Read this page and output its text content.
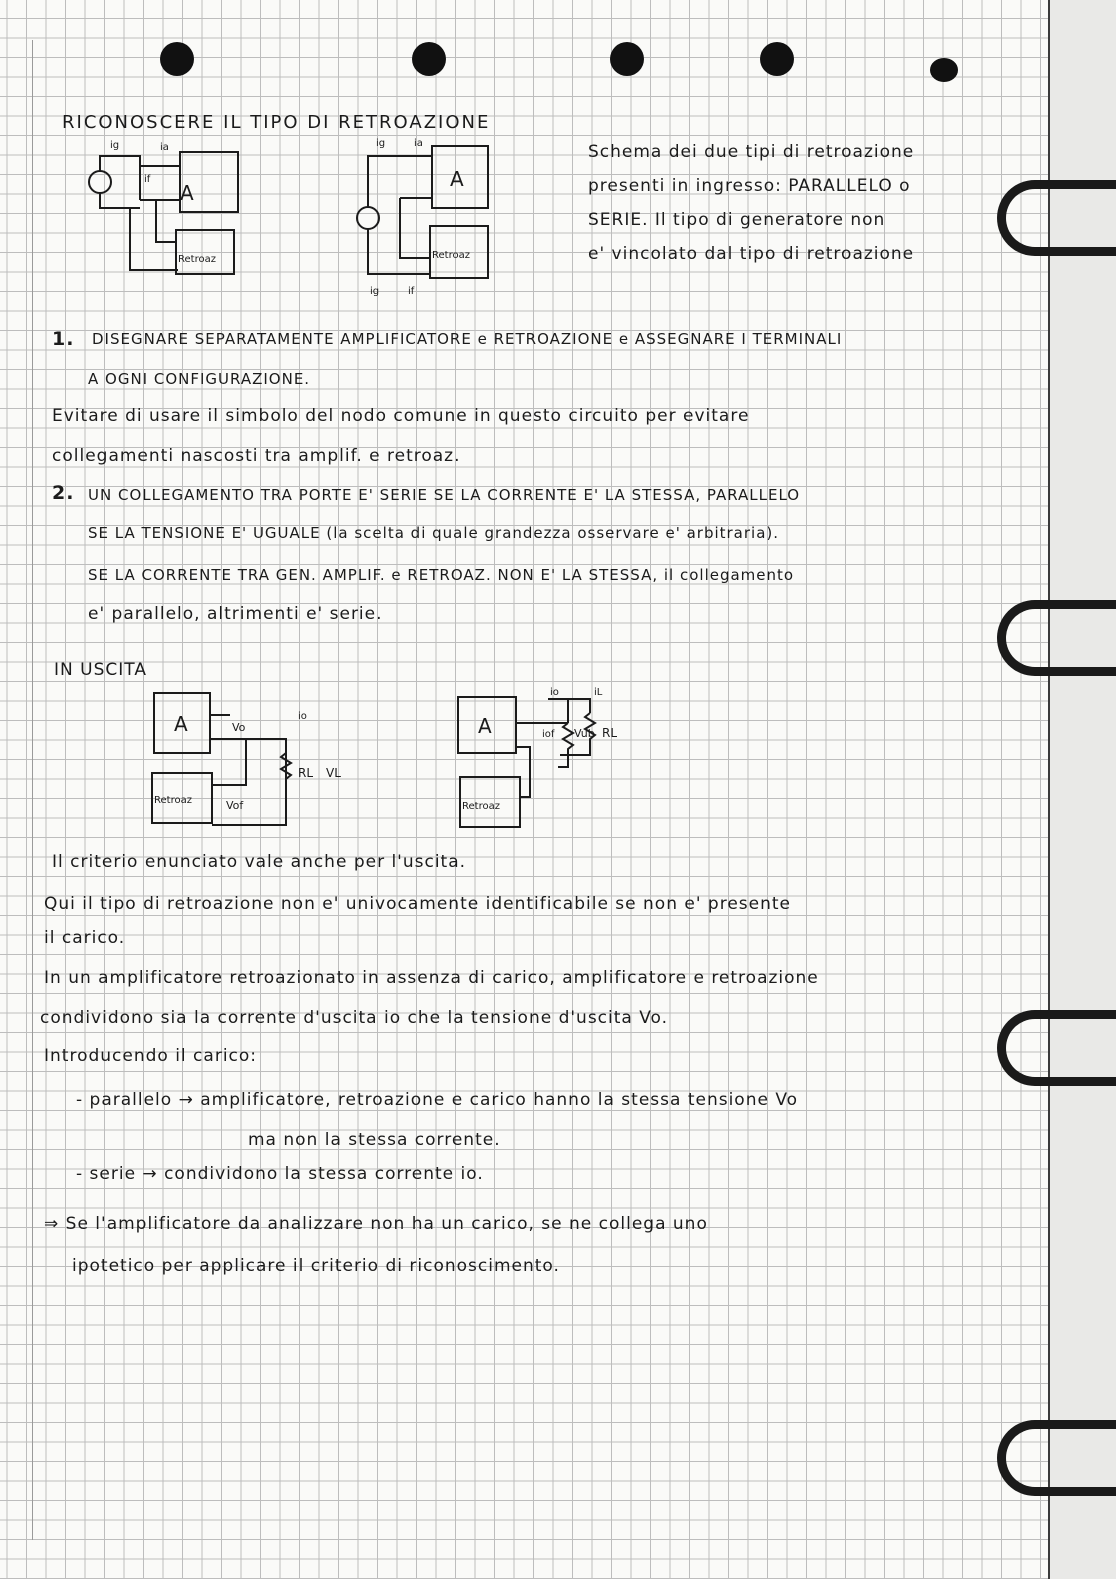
RICONOSCERE IL TIPO DI RETROAZIONE
A
Retroaz
ig	ia
if	A
Retroaz
ig	ia
ig	if
Schema dei due tipi di retroazione
presenti in ingresso: PARALLELO o
SERIE. Il tipo di generatore non
e' vincolato dal tipo di retroazione
1. DISEGNARE SEPARATAMENTE AMPLIFICATORE e RETROAZIONE e ASSEGNARE I TERMINALI
A OGNI CONFIGURAZIONE.
Evitare di usare il simbolo del nodo comune in questo circuito per evitare
collegamenti nascosti tra amplif. e retroaz.
2. UN COLLEGAMENTO TRA PORTE E' SERIE SE LA CORRENTE E' LA STESSA, PARALLELO
SE LA TENSIONE E' UGUALE (la scelta di quale grandezza osservare e' arbitraria).
SE LA CORRENTE TRA GEN. AMPLIF. e RETROAZ. NON E' LA STESSA, il collegamento
e' parallelo, altrimenti e' serie.
IN USCITA
A
Retroaz
Vo
Vof
io
RL VL
A
Retroaz
io	iL
iof Vub RL
Il criterio enunciato vale anche per l'uscita.
Qui il tipo di retroazione non e' univocamente identificabile se non e' presente
il carico.
In un amplificatore retroazionato in assenza di carico, amplificatore e retroazione
condividono sia la corrente d'uscita io che la tensione d'uscita Vo.
Introducendo il carico:
- parallelo → amplificatore, retroazione e carico hanno la stessa tensione Vo
ma non la stessa corrente.
- serie → condividono la stessa corrente io.
⇒ Se l'amplificatore da analizzare non ha un carico, se ne collega uno
ipotetico per applicare il criterio di riconoscimento.
